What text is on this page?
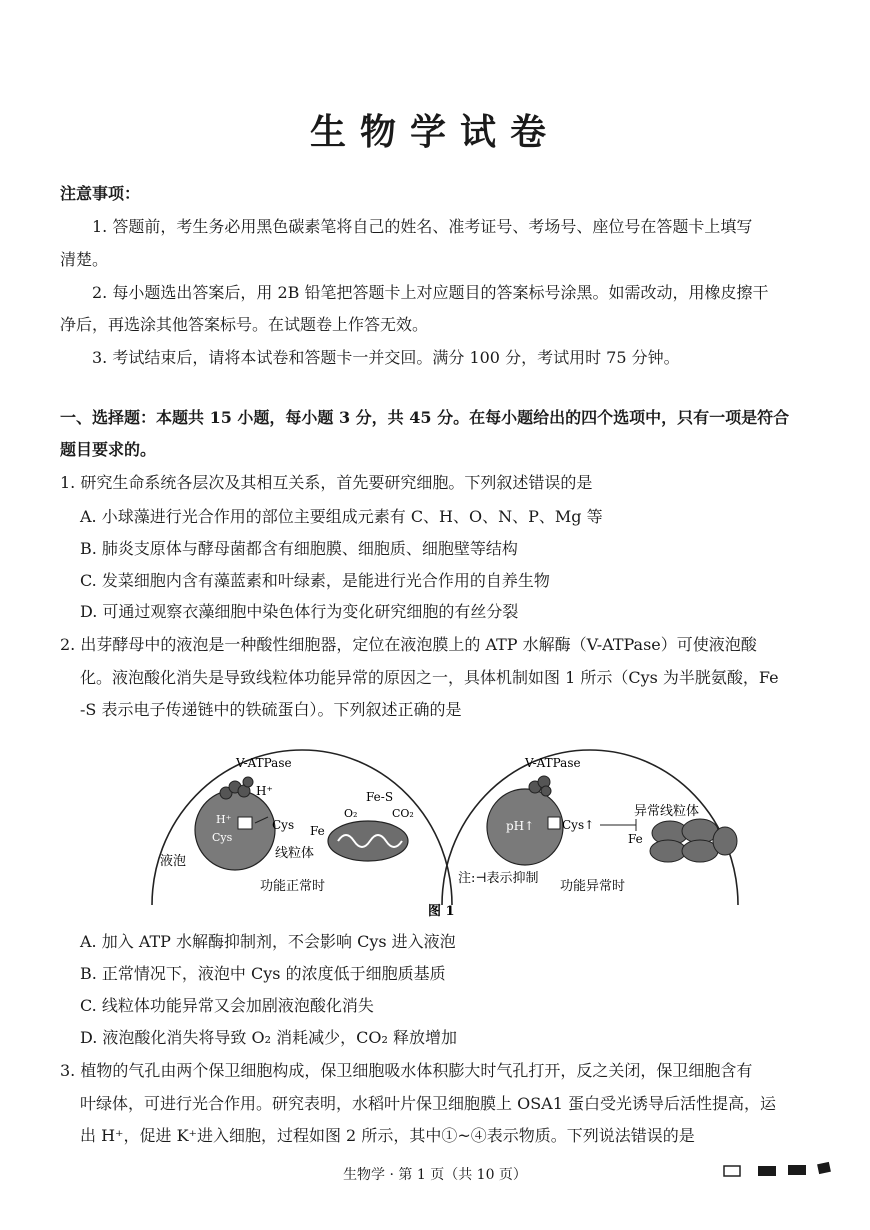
生物学试卷
注意事项：
1. 答题前，考生务必用黑色碳素笔将自己的姓名、准考证号、考场号、座位号在答题卡上填写
清楚。
2. 每小题选出答案后，用 2B 铅笔把答题卡上对应题目的答案标号涂黑。如需改动，用橡皮擦干
净后，再选涂其他答案标号。在试题卷上作答无效。
3. 考试结束后，请将本试卷和答题卡一并交回。满分 100 分，考试用时 75 分钟。
一、选择题：本题共 15 小题，每小题 3 分，共 45 分。在每小题给出的四个选项中，只有一项是符合
题目要求的。
1. 研究生命系统各层次及其相互关系，首先要研究细胞。下列叙述错误的是
A. 小球藻进行光合作用的部位主要组成元素有 C、H、O、N、P、Mg 等
B. 肺炎支原体与酵母菌都含有细胞膜、细胞质、细胞壁等结构
C. 发菜细胞内含有藻蓝素和叶绿素，是能进行光合作用的自养生物
D. 可通过观察衣藻细胞中染色体行为变化研究细胞的有丝分裂
2. 出芽酵母中的液泡是一种酸性细胞器，定位在液泡膜上的 ATP 水解酶（V-ATPase）可使液泡酸
化。液泡酸化消失是导致线粒体功能异常的原因之一，具体机制如图 1 所示（Cys 为半胱氨酸，Fe
-S 表示电子传递链中的铁硫蛋白）。下列叙述正确的是
V-ATPase
H⁺
H⁺
Cys
Cys
液泡
Fe-S
O₂	CO₂
Fe
线粒体
功能正常时
V-ATPase
pH↑ Cys↑
Fe
异常线粒体
注:⊣表示抑制
功能异常时
图 1
A. 加入 ATP 水解酶抑制剂，不会影响 Cys 进入液泡
B. 正常情况下，液泡中 Cys 的浓度低于细胞质基质
C. 线粒体功能异常又会加剧液泡酸化消失
D. 液泡酸化消失将导致 O₂ 消耗减少，CO₂ 释放增加
3. 植物的气孔由两个保卫细胞构成，保卫细胞吸水体积膨大时气孔打开，反之关闭，保卫细胞含有
叶绿体，可进行光合作用。研究表明，水稻叶片保卫细胞膜上 OSA1 蛋白受光诱导后活性提高，运
出 H⁺，促进 K⁺进入细胞，过程如图 2 所示，其中①~④表示物质。下列说法错误的是
生物学 · 第 1 页（共 10 页）
